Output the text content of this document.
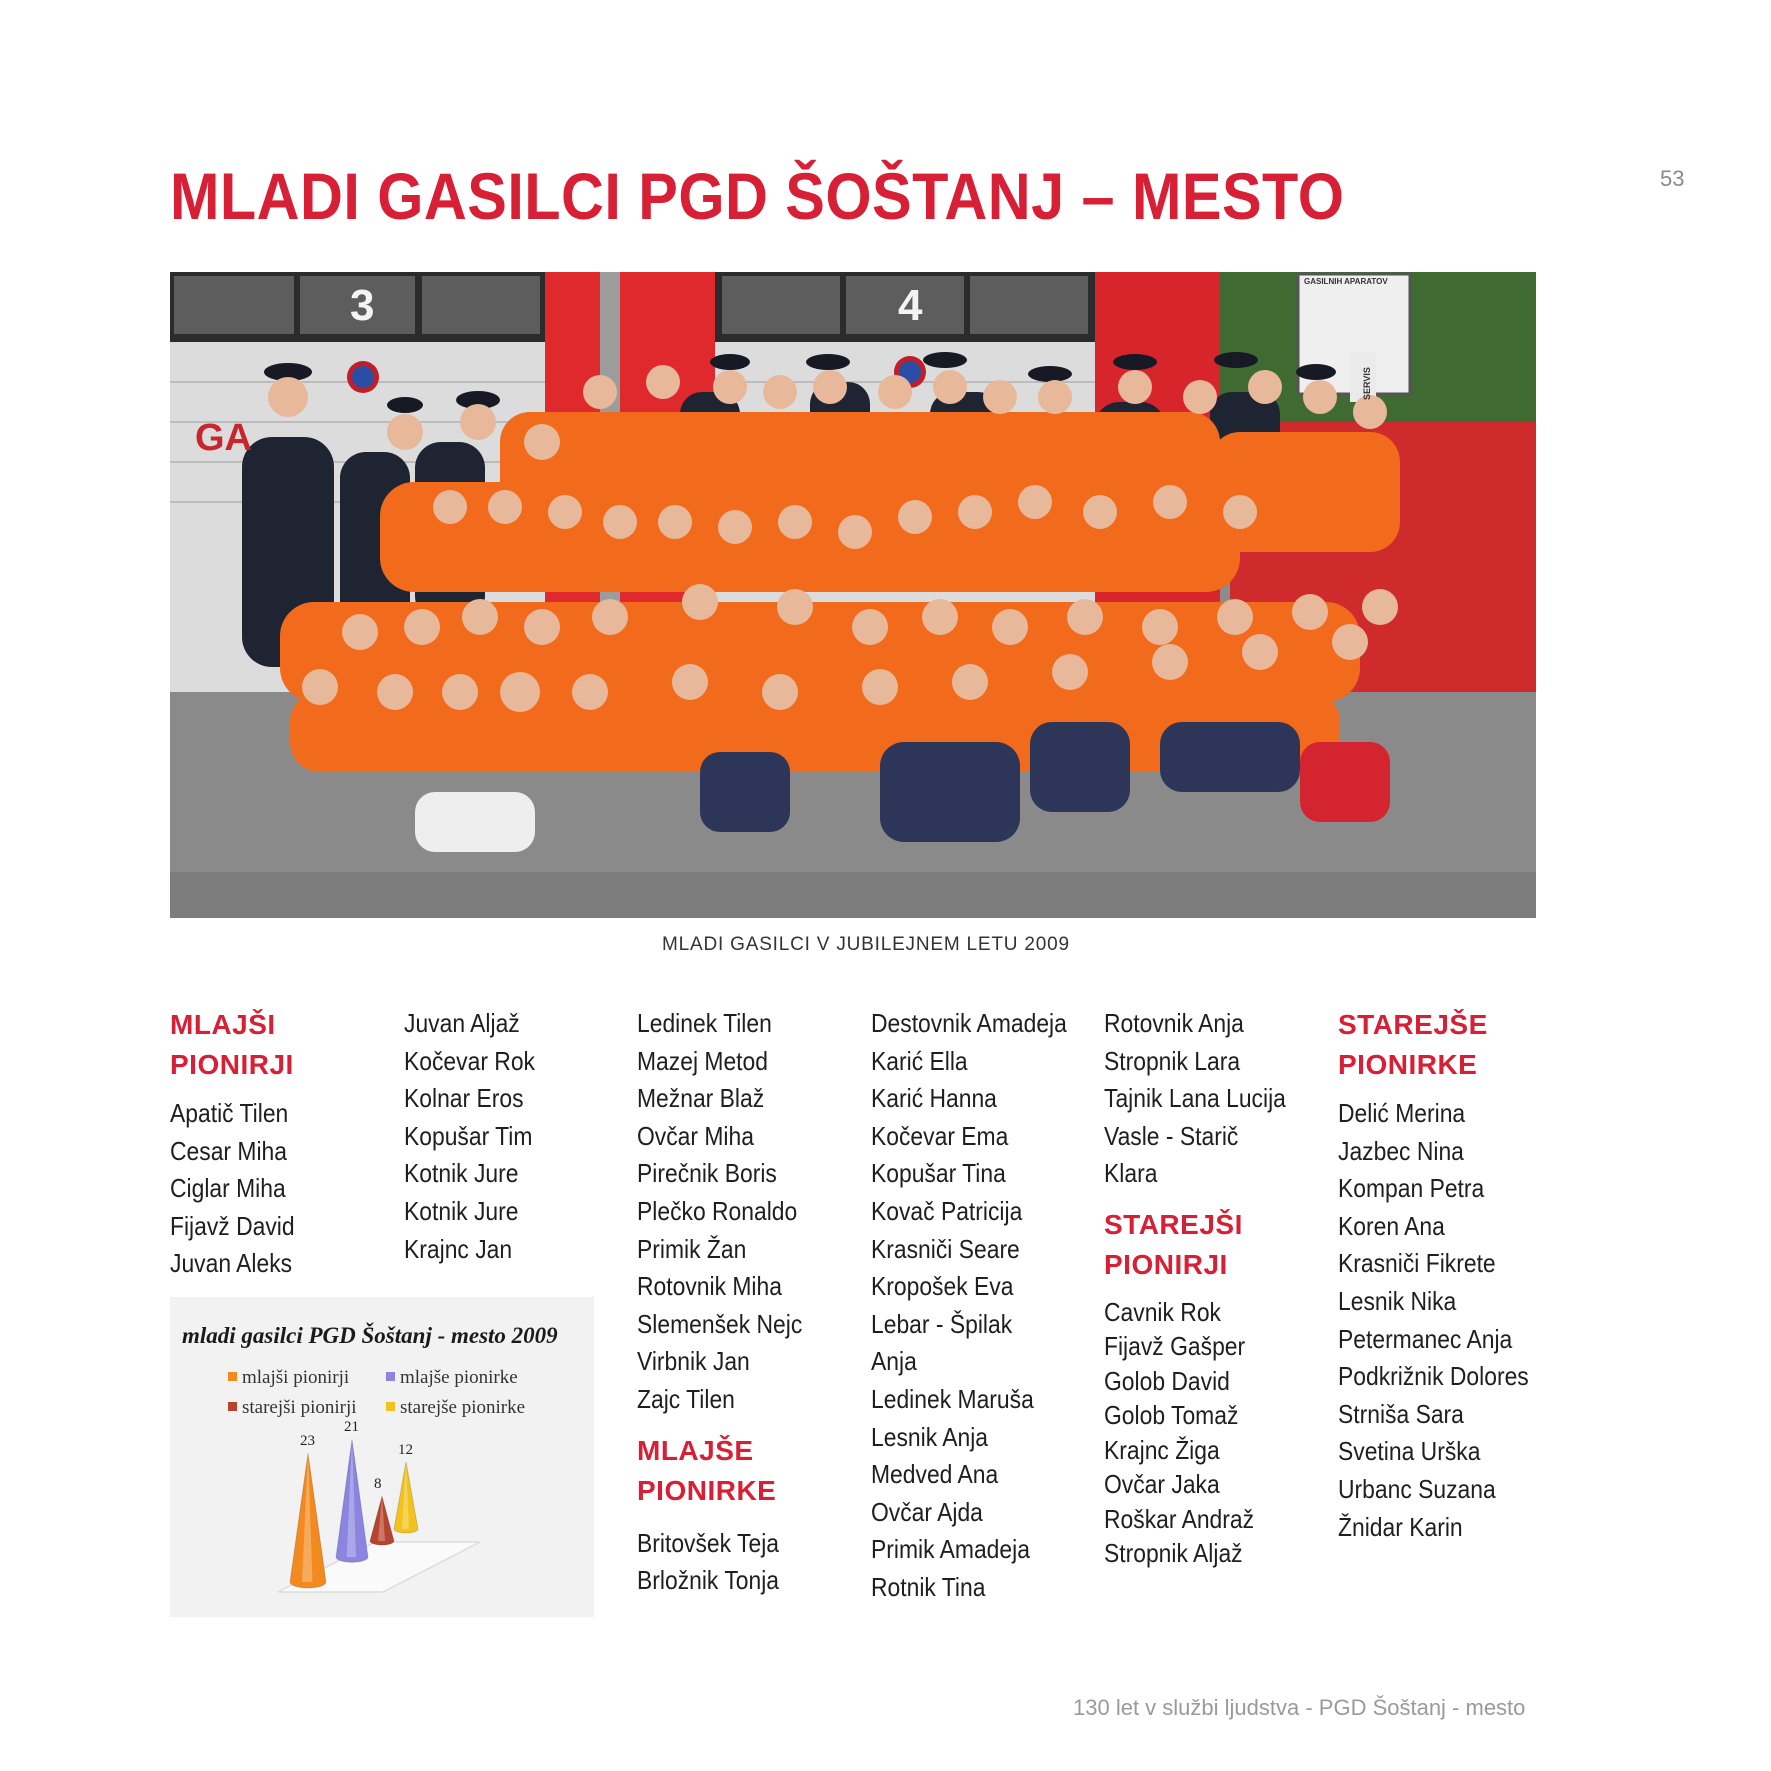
53
MLADI GASILCI PGD ŠOŠTANJ – MESTO
3	4
GA
GASILNIH APARATOV
SERVIS
MLADI GASILCI V JUBILEJNEM LETU 2009
MLAJŠI
PIONIRJI
Apatič Tilen
Cesar Miha
Ciglar Miha
Fijavž David
Juvan Aleks
Juvan Aljaž
Kočevar Rok
Kolnar Eros
Kopušar Tim
Kotnik Jure
Kotnik Jure
Krajnc Jan
Ledinek Tilen
Mazej Metod
Mežnar Blaž
Ovčar Miha
Pirečnik Boris
Plečko Ronaldo
Primik Žan
Rotovnik Miha
Slemenšek Nejc
Virbnik Jan
Zajc Tilen
MLAJŠE
PIONIRKE
Britovšek Teja
Brložnik Tonja
Destovnik Amadeja
Karić Ella
Karić Hanna
Kočevar Ema
Kopušar Tina
Kovač Patricija
Krasniči Seare
Kropošek Eva
Lebar - Špilak
Anja
Ledinek Maruša
Lesnik Anja
Medved Ana
Ovčar Ajda
Primik Amadeja
Rotnik Tina
Rotovnik Anja
Stropnik Lara
Tajnik Lana Lucija
Vasle - Starič
Klara
STAREJŠI
PIONIRJI
Cavnik Rok
Fijavž Gašper
Golob David
Golob Tomaž
Krajnc Žiga
Ovčar Jaka
Roškar Andraž
Stropnik Aljaž
STAREJŠE
PIONIRKE
Delić Merina
Jazbec Nina
Kompan Petra
Koren Ana
Krasniči Fikrete
Lesnik Nika
Petermanec Anja
Podkrižnik Dolores
Strniša Sara
Svetina Urška
Urbanc Suzana
Žnidar Karin
mladi gasilci PGD Šoštanj - mesto 2009
mlajši pionirji	mlajše pionirke
starejši pionirji	starejše pionirke
23
21
8
12
130 let v službi ljudstva - PGD Šoštanj - mesto
